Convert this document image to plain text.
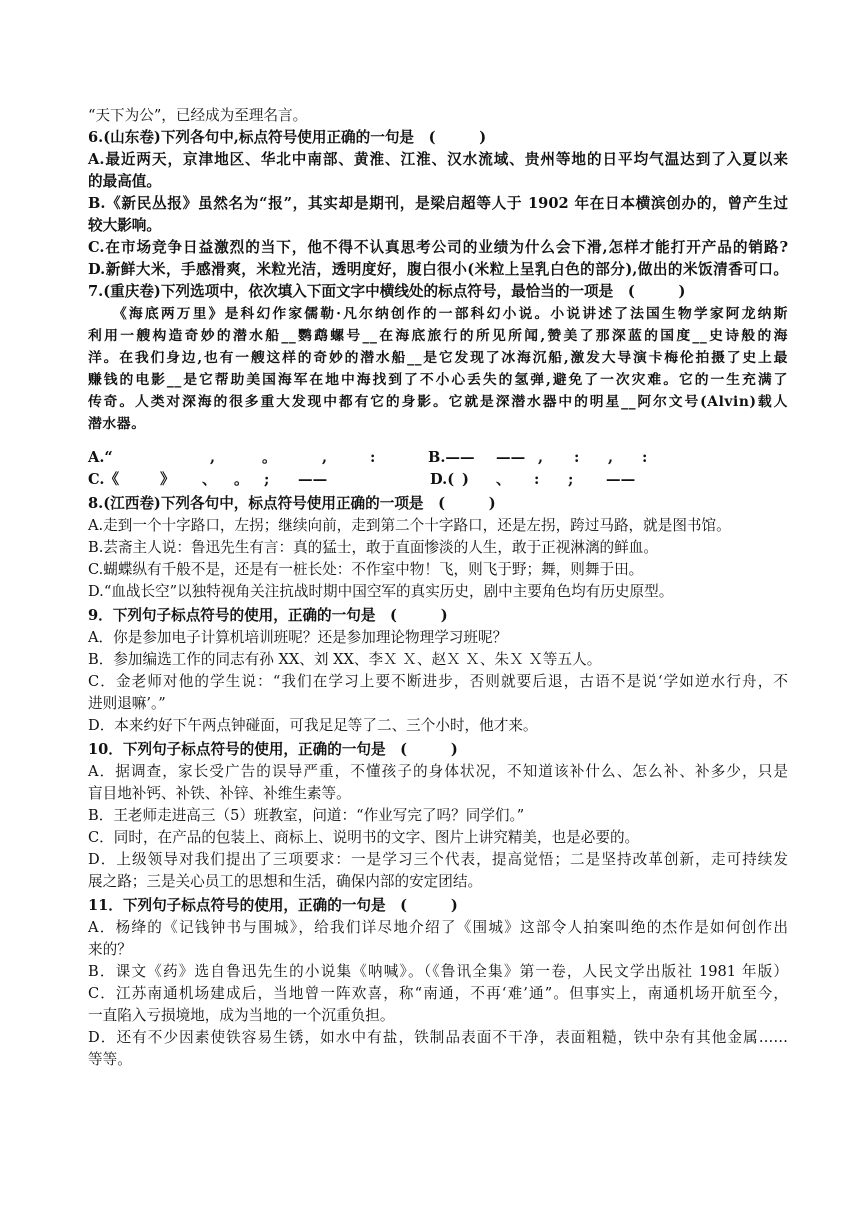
“天下为公”，已经成为至理名言。
6.(山东卷)下列各句中,标点符号使用正确的一句是　(　　　)
A.最近两天，京津地区、华北中南部、黄淮、江淮、汉水流域、贵州等地的日平均气温达到了入夏以来
的最高值。
B.《新民丛报》虽然名为“报”，其实却是期刊，是梁启超等人于 1902 年在日本横滨创办的，曾产生过
较大影响。
C.在市场竞争日益激烈的当下，他不得不认真思考公司的业绩为什么会下滑,怎样才能打开产品的销路?
D.新鲜大米，手感滑爽，米粒光洁，透明度好，腹白很小(米粒上呈乳白色的部分),做出的米饭清香可口。
7.(重庆卷)下列选项中，依次填入下面文字中横线处的标点符号，最恰当的一项是　(　　　)
　　《海底两万里》是科幻作家儒勒·凡尔纳创作的一部科幻小说。小说讲述了法国生物学家阿龙纳斯
利用一艘构造奇妙的潜水船__鹦鹉螺号__在海底旅行的所见所闻,赞美了那深蓝的国度__史诗般的海
洋。在我们身边,也有一艘这样的奇妙的潜水船__是它发现了冰海沉船,激发大导演卡梅伦拍摄了史上最
赚钱的电影__是它帮助美国海军在地中海找到了不小心丢失的氢弹,避免了一次灾难。它的一生充满了
传奇。人类对深海的很多重大发现中都有它的身影。它就是深潜水器中的明星__阿尔文号(Alvin)载人
潜水器。
A.“	,	。	,	:	B.—— —— , : , :
C.《	》 、 。 ; ——	D.( ) 、 : ; ——
8.(江西卷)下列各句中，标点符号使用正确的一项是　(　　　)
A.走到一个十字路口，左拐；继续向前，走到第二个十字路口，还是左拐，跨过马路，就是图书馆。
B.芸斋主人说：鲁迅先生有言：真的猛士，敢于直面惨淡的人生，敢于正视淋漓的鲜血。
C.蝴蝶纵有千般不是，还是有一桩长处：不作室中物！飞，则飞于野；舞，则舞于田。
D.“血战长空”以独特视角关注抗战时期中国空军的真实历史，剧中主要角色均有历史原型。
9．下列句子标点符号的使用，正确的一句是　(　　　)
A．你是参加电子计算机培训班呢？还是参加理论物理学习班呢？
B．参加编选工作的同志有孙 XX、刘 XX、李Ｘ Ｘ、赵Ｘ Ｘ、朱Ｘ Ｘ等五人。
C．金老师对他的学生说：“我们在学习上要不断进步，否则就要后退，古语不是说‘学如逆水行舟，不
进则退嘛’。”
D．本来约好下午两点钟碰面，可我足足等了二、三个小时，他才来。
10．下列句子标点符号的使用，正确的一句是　(　　　)
A．据调查，家长受广告的误导严重，不懂孩子的身体状况，不知道该补什么、怎么补、补多少，只是
盲目地补钙、补铁、补锌、补维生素等。
B．王老师走进高三（5）班教室，问道：“作业写完了吗？同学们。”
C．同时，在产品的包装上、商标上、说明书的文字、图片上讲究精美，也是必要的。
D．上级领导对我们提出了三项要求：一是学习三个代表，提高觉悟；二是坚持改革创新，走可持续发
展之路；三是关心员工的思想和生活，确保内部的安定团结。
11．下列句子标点符号的使用，正确的一句是　(　　　)
A．杨绛的《记钱钟书与围城》，给我们详尽地介绍了《围城》这部令人拍案叫绝的杰作是如何创作出
来的？
B．课文《药》选自鲁迅先生的小说集《呐喊》。（《鲁讯全集》第一卷，人民文学出版社 1981 年版）
C．江苏南通机场建成后，当地曾一阵欢喜，称“南通，不再‘难’通”。但事实上，南通机场开航至今，
一直陷入亏损境地，成为当地的一个沉重负担。
D．还有不少因素使铁容易生锈，如水中有盐，铁制品表面不干净，表面粗糙，铁中杂有其他金属……
等等。
